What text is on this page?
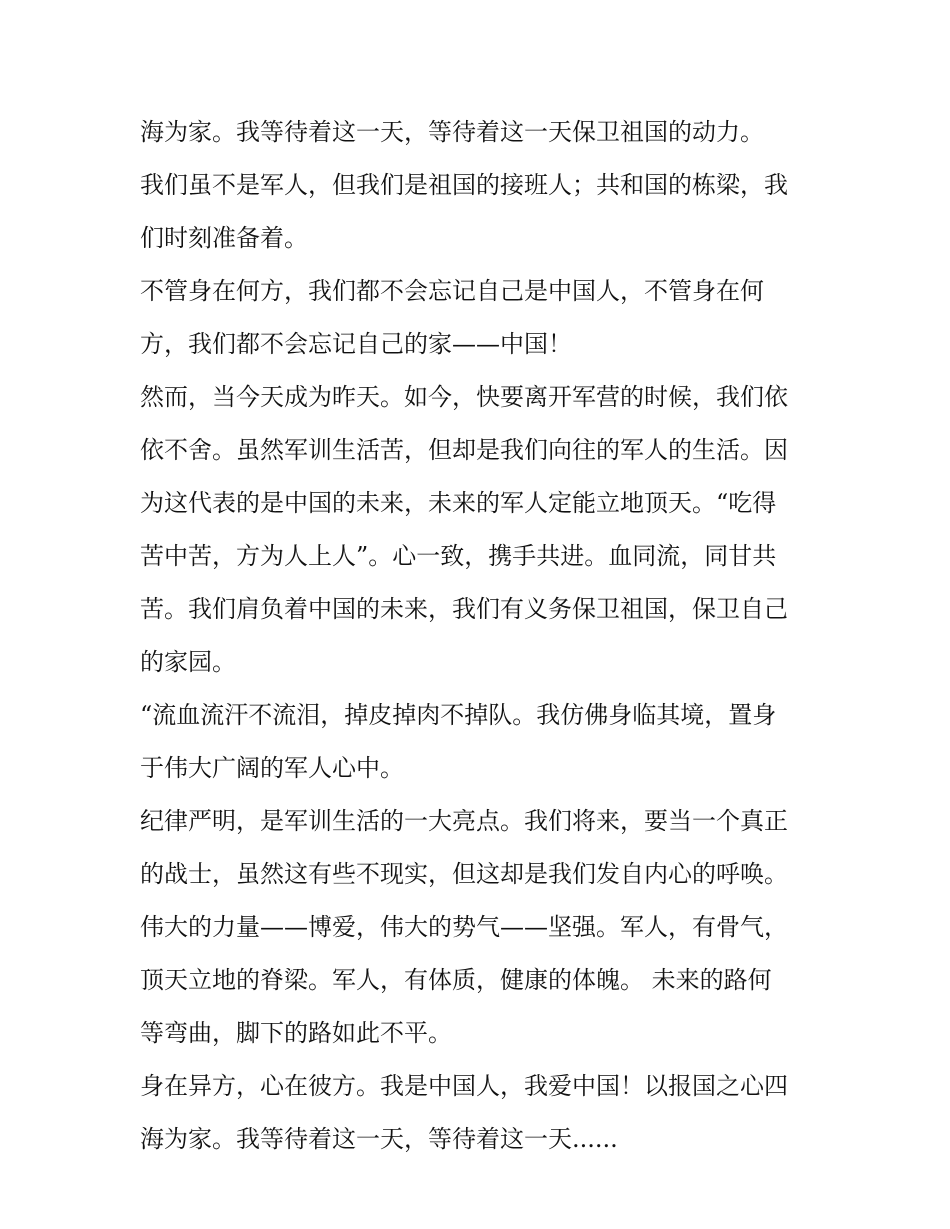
海为家。我等待着这一天，等待着这一天保卫祖国的动力。
我们虽不是军人，但我们是祖国的接班人；共和国的栋梁，我
们时刻准备着。
不管身在何方，我们都不会忘记自己是中国人，不管身在何
方，我们都不会忘记自己的家——中国！
然而，当今天成为昨天。如今，快要离开军营的时候，我们依
依不舍。虽然军训生活苦，但却是我们向往的军人的生活。因
为这代表的是中国的未来，未来的军人定能立地顶天。“吃得
苦中苦，方为人上人”。心一致，携手共进。血同流，同甘共
苦。我们肩负着中国的未来，我们有义务保卫祖国，保卫自己
的家园。
“流血流汗不流泪，掉皮掉肉不掉队。我仿佛身临其境，置身
于伟大广阔的军人心中。
纪律严明，是军训生活的一大亮点。我们将来，要当一个真正
的战士，虽然这有些不现实，但这却是我们发自内心的呼唤。
伟大的力量——博爱，伟大的势气——坚强。军人，有骨气，
顶天立地的脊梁。军人，有体质，健康的体魄。 未来的路何
等弯曲，脚下的路如此不平。
身在异方，心在彼方。我是中国人，我爱中国！以报国之心四
海为家。我等待着这一天，等待着这一天......
